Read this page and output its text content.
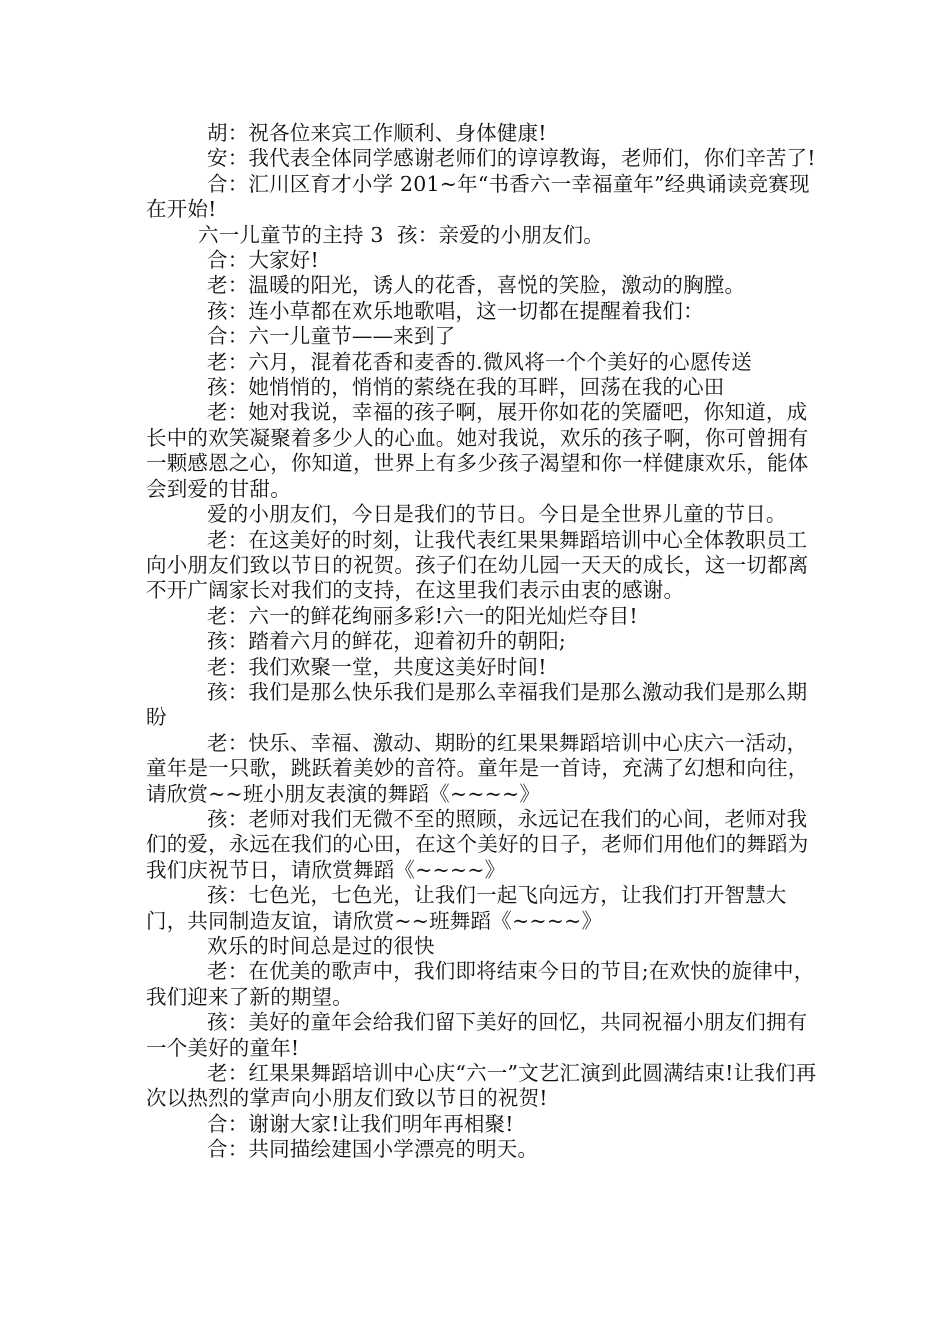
胡：祝各位来宾工作顺利、身体健康!

安：我代表全体同学感谢老师们的谆谆教诲，老师们，你们辛苦了!

合：汇川区育才小学 201~年“书香六一幸福童年”经典诵读竞赛现在开始!

六一儿童节的主持 3  孩：亲爱的小朋友们。

合：大家好!

老：温暖的阳光，诱人的花香，喜悦的笑脸，激动的胸膛。

孩：连小草都在欢乐地歌唱，这一切都在提醒着我们：

合：六一儿童节——来到了

老：六月，混着花香和麦香的.微风将一个个美好的心愿传送

孩：她悄悄的，悄悄的萦绕在我的耳畔，回荡在我的心田

老：她对我说，幸福的孩子啊，展开你如花的笑靥吧，你知道，成长中的欢笑凝聚着多少人的心血。她对我说，欢乐的孩子啊，你可曾拥有一颗感恩之心，你知道，世界上有多少孩子渴望和你一样健康欢乐，能体会到爱的甘甜。

爱的小朋友们，今日是我们的节日。今日是全世界儿童的节日。

老：在这美好的时刻，让我代表红果果舞蹈培训中心全体教职员工向小朋友们致以节日的祝贺。孩子们在幼儿园一天天的成长，这一切都离不开广阔家长对我们的支持，在这里我们表示由衷的感谢。

老：六一的鲜花绚丽多彩!六一的阳光灿烂夺目!

孩：踏着六月的鲜花，迎着初升的朝阳;

老：我们欢聚一堂，共度这美好时间!

孩：我们是那么快乐我们是那么幸福我们是那么激动我们是那么期盼

老：快乐、幸福、激动、期盼的红果果舞蹈培训中心庆六一活动，童年是一只歌，跳跃着美妙的音符。童年是一首诗，充满了幻想和向往，请欣赏~~班小朋友表演的舞蹈《~~~~》

孩：老师对我们无微不至的照顾，永远记在我们的心间，老师对我们的爱，永远在我们的心田，在这个美好的日子，老师们用他们的舞蹈为我们庆祝节日，请欣赏舞蹈《~~~~》

孩：七色光，七色光，让我们一起飞向远方，让我们打开智慧大门，共同制造友谊，请欣赏~~班舞蹈《~~~~》

欢乐的时间总是过的很快

老：在优美的歌声中，我们即将结束今日的节目;在欢快的旋律中，我们迎来了新的期望。

孩：美好的童年会给我们留下美好的回忆，共同祝福小朋友们拥有一个美好的童年!

老：红果果舞蹈培训中心庆“六一”文艺汇演到此圆满结束!让我们再次以热烈的掌声向小朋友们致以节日的祝贺!

合：谢谢大家!让我们明年再相聚!

合：共同描绘建国小学漂亮的明天。
